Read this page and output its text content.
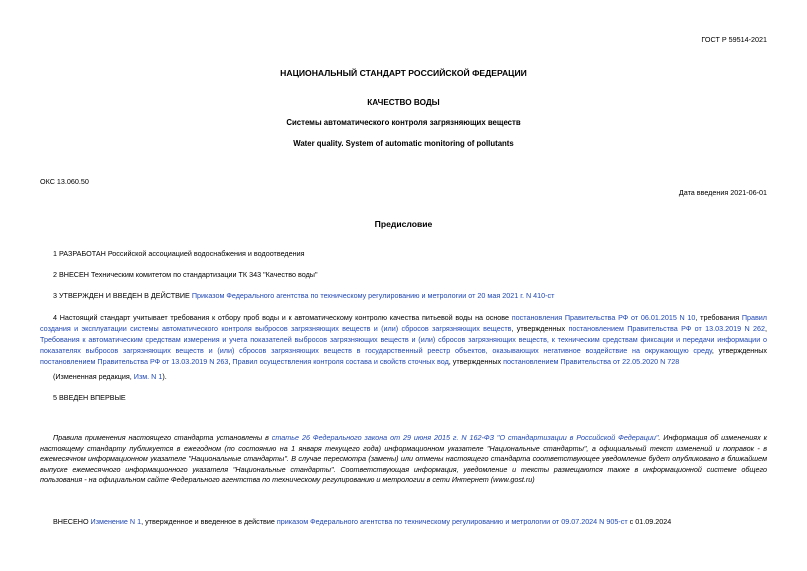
ГОСТ Р 59514-2021
НАЦИОНАЛЬНЫЙ СТАНДАРТ РОССИЙСКОЙ ФЕДЕРАЦИИ
КАЧЕСТВО ВОДЫ
Системы автоматического контроля загрязняющих веществ
Water quality. System of automatic monitoring of pollutants
ОКС 13.060.50
Дата введения 2021-06-01
Предисловие
1 РАЗРАБОТАН Российской ассоциацией водоснабжения и водоотведения
2 ВНЕСЕН Техническим комитетом по стандартизации ТК 343 "Качество воды"
3 УТВЕРЖДЕН И ВВЕДЕН В ДЕЙСТВИЕ Приказом Федерального агентства по техническому регулированию и метрологии от 20 мая 2021 г. N 410-ст
4 Настоящий стандарт учитывает требования к отбору проб воды и к автоматическому контролю качества питьевой воды на основе постановления Правительства РФ от 06.01.2015 N 10, требования Правил создания и эксплуатации системы автоматического контроля выбросов загрязняющих веществ и (или) сбросов загрязняющих веществ, утвержденных постановлением Правительства РФ от 13.03.2019 N 262, Требования к автоматическим средствам измерения и учета показателей выбросов загрязняющих веществ и (или) сбросов загрязняющих веществ, к техническим средствам фиксации и передачи информации о показателях выбросов загрязняющих веществ и (или) сбросов загрязняющих веществ в государственный реестр объектов, оказывающих негативное воздействие на окружающую среду, утвержденных постановлением Правительства РФ от 13.03.2019 N 263, Правил осуществления контроля состава и свойств сточных вод, утвержденных постановлением Правительства от 22.05.2020 N 728
(Измененная редакция, Изм. N 1).
5 ВВЕДЕН ВПЕРВЫЕ
Правила применения настоящего стандарта установлены в статье 26 Федерального закона от 29 июня 2015 г. N 162-ФЗ "О стандартизации в Российской Федерации". Информация об изменениях к настоящему стандарту публикуется в ежегодном (по состоянию на 1 января текущего года) информационном указателе "Национальные стандарты", а официальный текст изменений и поправок - в ежемесячном информационном указателе "Национальные стандарты". В случае пересмотра (замены) или отмены настоящего стандарта соответствующее уведомление будет опубликовано в ближайшем выпуске ежемесячного информационного указателя "Национальные стандарты". Соответствующая информация, уведомление и тексты размещаются также в информационной системе общего пользования - на официальном сайте Федерального агентства по техническому регулированию и метрологии в сети Интернет (www.gost.ru)
ВНЕСЕНО Изменение N 1, утвержденное и введенное в действие приказом Федерального агентства по техническому регулированию и метрологии от 09.07.2024 N 905-ст с 01.09.2024
